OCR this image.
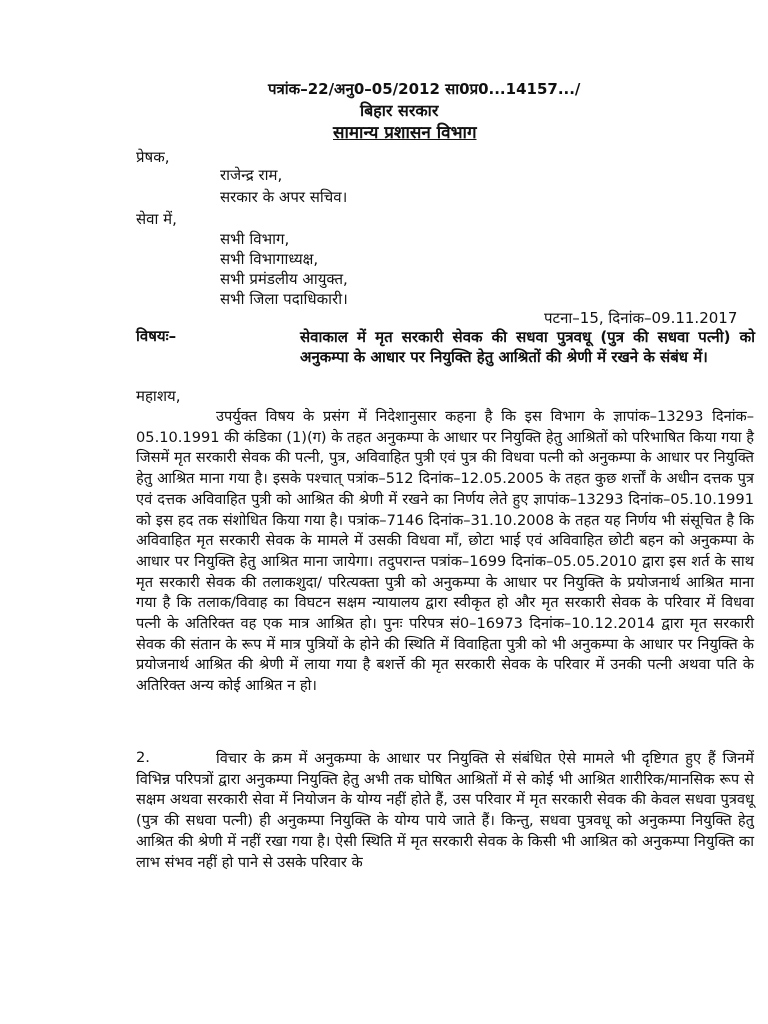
पत्रांक–22/अनु0–05/2012 सा0प्र0...14157.../
बिहार सरकार
सामान्य प्रशासन विभाग
प्रेषक,
राजेन्द्र राम,
सरकार के अपर सचिव।
सेवा में,
सभी विभाग,
सभी विभागाध्यक्ष,
सभी प्रमंडलीय आयुक्त,
सभी जिला पदाधिकारी।
पटना–15, दिनांक–09.11.2017
विषयः–	सेवाकाल में मृत सरकारी सेवक की सधवा पुत्रवधू (पुत्र की सधवा पत्नी) को अनुकम्पा के आधार पर नियुक्ति हेतु आश्रितों की श्रेणी में रखने के संबंध में।
महाशय,
उपर्युक्त विषय के प्रसंग में निदेशानुसार कहना है कि इस विभाग के ज्ञापांक–13293 दिनांक–05.10.1991 की कंडिका (1)(ग) के तहत अनुकम्पा के आधार पर नियुक्ति हेतु आश्रितों को परिभाषित किया गया है जिसमें मृत सरकारी सेवक की पत्नी, पुत्र, अविवाहित पुत्री एवं पुत्र की विधवा पत्नी को अनुकम्पा के आधार पर नियुक्ति हेतु आश्रित माना गया है। इसके पश्चात् पत्रांक–512 दिनांक–12.05.2005 के तहत कुछ शर्त्तों के अधीन दत्तक पुत्र एवं दत्तक अविवाहित पुत्री को आश्रित की श्रेणी में रखने का निर्णय लेते हुए ज्ञापांक–13293 दिनांक–05.10.1991 को इस हद तक संशोधित किया गया है। पत्रांक–7146 दिनांक–31.10.2008 के तहत यह निर्णय भी संसूचित है कि अविवाहित मृत सरकारी सेवक के मामले में उसकी विधवा माँ, छोटा भाई एवं अविवाहित छोटी बहन को अनुकम्पा के आधार पर नियुक्ति हेतु आश्रित माना जायेगा। तदुपरान्त पत्रांक–1699 दिनांक–05.05.2010 द्वारा इस शर्त के साथ मृत सरकारी सेवक की तलाकशुदा/ परित्यक्ता पुत्री को अनुकम्पा के आधार पर नियुक्ति के प्रयोजनार्थ आश्रित माना गया है कि तलाक/विवाह का विघटन सक्षम न्यायालय द्वारा स्वीकृत हो और मृत सरकारी सेवक के परिवार में विधवा पत्नी के अतिरिक्त वह एक मात्र आश्रित हो। पुनः परिपत्र सं0–16973 दिनांक–10.12.2014 द्वारा मृत सरकारी सेवक की संतान के रूप में मात्र पुत्रियों के होने की स्थिति में विवाहिता पुत्री को भी अनुकम्पा के आधार पर नियुक्ति के प्रयोजनार्थ आश्रित की श्रेणी में लाया गया है बशर्त्ते की मृत सरकारी सेवक के परिवार में उनकी पत्नी अथवा पति के अतिरिक्त अन्य कोई आश्रित न हो।
2.	विचार के क्रम में अनुकम्पा के आधार पर नियुक्ति से संबंधित ऐसे मामले भी दृष्टिगत हुए हैं जिनमें विभिन्न परिपत्रों द्वारा अनुकम्पा नियुक्ति हेतु अभी तक घोषित आश्रितों में से कोई भी आश्रित शारीरिक/मानसिक रूप से सक्षम अथवा सरकारी सेवा में नियोजन के योग्य नहीं होते हैं, उस परिवार में मृत सरकारी सेवक की केवल सधवा पुत्रवधू (पुत्र की सधवा पत्नी) ही अनुकम्पा नियुक्ति के योग्य पाये जाते हैं। किन्तु, सधवा पुत्रवधू को अनुकम्पा नियुक्ति हेतु आश्रित की श्रेणी में नहीं रखा गया है। ऐसी स्थिति में मृत सरकारी सेवक के किसी भी आश्रित को अनुकम्पा नियुक्ति का लाभ संभव नहीं हो पाने से उसके परिवार के
